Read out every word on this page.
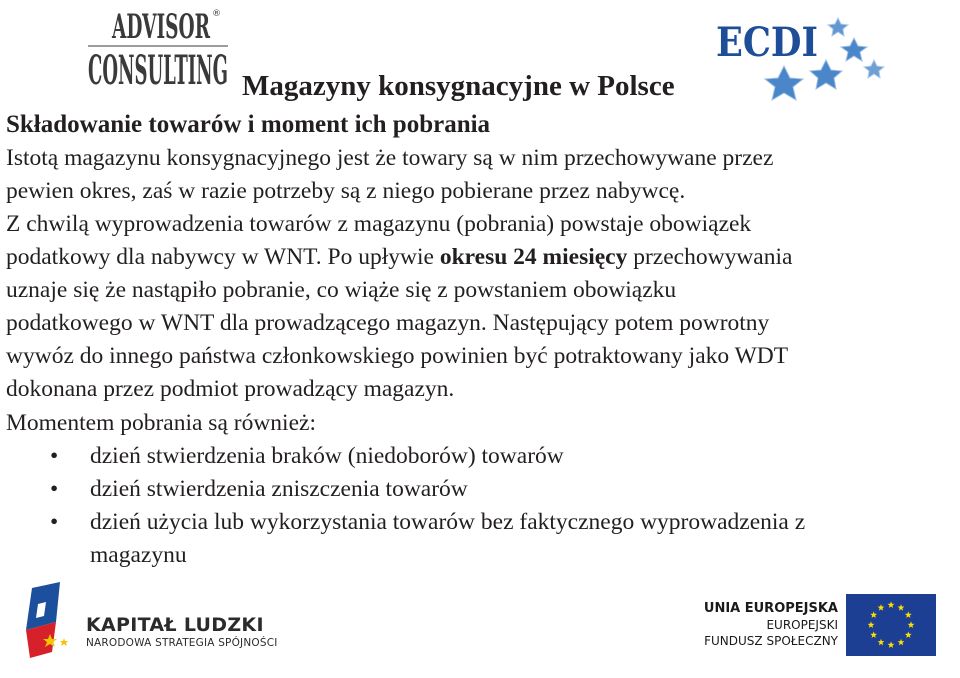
ADVISOR ®
CONSULTING
ECDI
Magazyny konsygnacyjne w Polsce
Składowanie towarów i moment ich pobrania

Istotą magazynu konsygnacyjnego jest że towary są w nim przechowywane przez
pewien okres, zaś w razie potrzeby są z niego pobierane przez nabywcę.

Z chwilą wyprowadzenia towarów z magazynu (pobrania) powstaje obowiązek
podatkowy dla nabywcy w WNT. Po upływie okresu 24 miesięcy przechowywania
uznaje się że nastąpiło pobranie, co wiąże się z powstaniem obowiązku
podatkowego w WNT dla prowadzącego magazyn. Następujący potem powrotny
wywóz do innego państwa członkowskiego powinien być potraktowany jako WDT
dokonana przez podmiot prowadzący magazyn.

Momentem pobrania są również:

•	dzień stwierdzenia braków (niedoborów) towarów
•	dzień stwierdzenia zniszczenia towarów
•	dzień użycia lub wykorzystania towarów bez faktycznego wyprowadzenia z
magazynu
KAPITAŁ LUDZKI
NARODOWA STRATEGIA SPÓJNOŚCI
UNIA EUROPEJSKA
EUROPEJSKI
FUNDUSZ SPOŁECZNY
